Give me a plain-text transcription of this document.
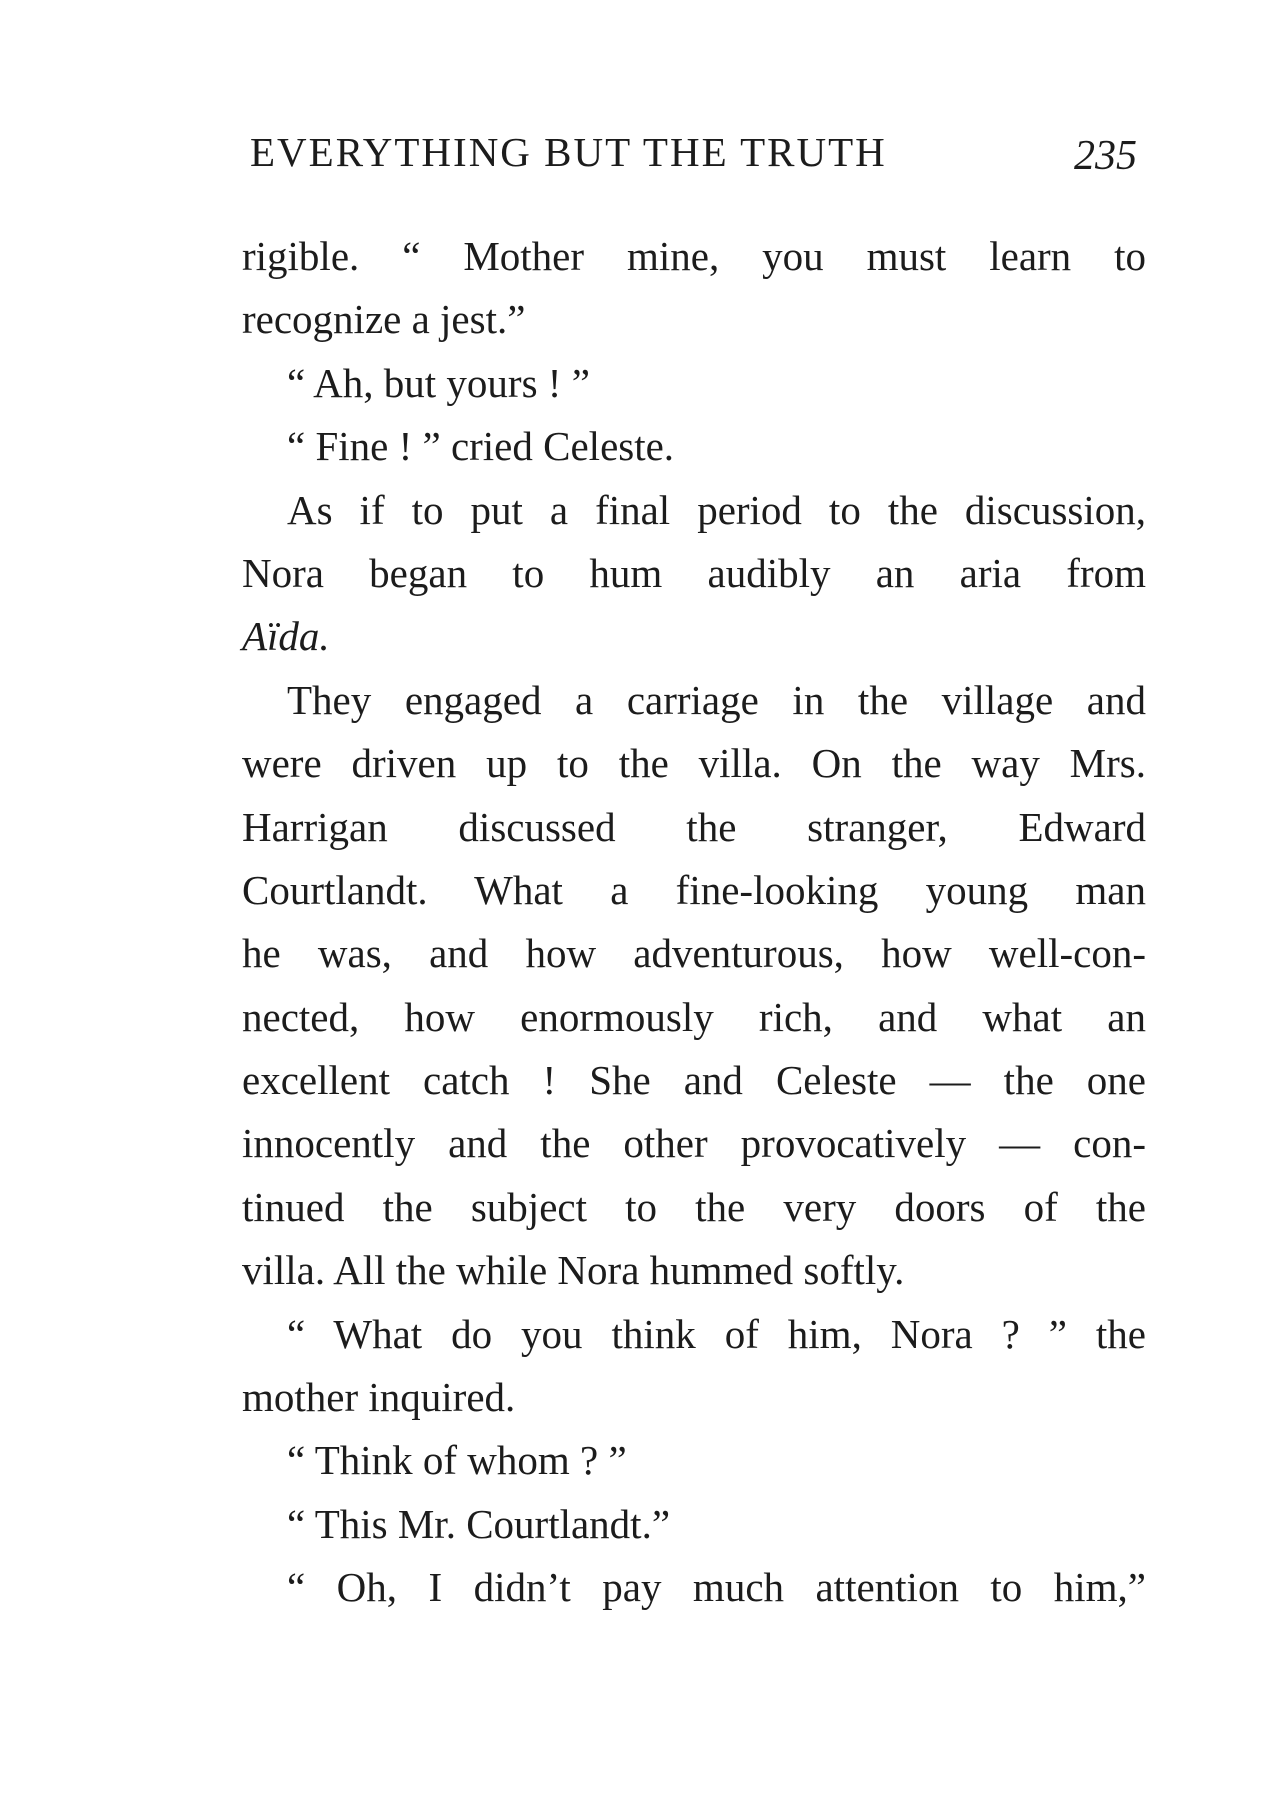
EVERYTHING BUT THE TRUTH	235
rigible. “ Mother mine, you must learn to
recognize a jest.”
“ Ah, but yours ! ”
“ Fine ! ” cried Celeste.
As if to put a final period to the discussion,
Nora began to hum audibly an aria from
Aïda.
They engaged a carriage in the village and
were driven up to the villa. On the way Mrs.
Harrigan discussed the stranger, Edward
Courtlandt. What a fine-looking young man
he was, and how adventurous, how well-con-
nected, how enormously rich, and what an
excellent catch ! She and Celeste — the one
innocently and the other provocatively — con-
tinued the subject to the very doors of the
villa. All the while Nora hummed softly.
“ What do you think of him, Nora ? ” the
mother inquired.
“ Think of whom ? ”
“ This Mr. Courtlandt.”
“ Oh, I didn’t pay much attention to him,”
